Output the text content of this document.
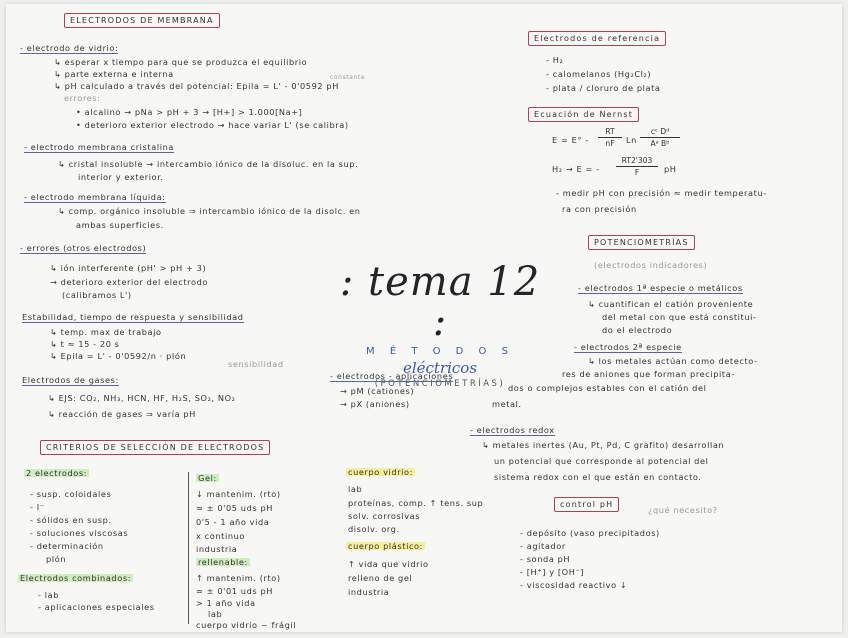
ELECTRODOS DE MEMBRANA
- electrodo de vidrio:
↳ esperar x tiempo para que se produzca el equilibrio
↳ parte externa e interna
↳ pH calculado a través del potencial: Epila = L' - 0'0592 pH
constante
errores:
• alcalino → pNa > pH + 3 → [H+] > 1.000[Na+]
• deterioro exterior electrodo → hace variar L' (se calibra)
- electrodo membrana cristalina
↳ cristal insoluble → intercambio iónico de la disoluc. en la sup.
interior y exterior.
- electrodo membrana líquida:
↳ comp. orgánico insoluble ⇒ intercambio iónico de la disolc. en
ambas superficies.
- errores (otros electrodos)
↳ ión interferente (pH' > pH + 3)
→ deterioro exterior del electrodo
(calibramos L')
Estabilidad, tiempo de respuesta y sensibilidad
↳ temp. max de trabajo
↳ t ≈ 15 - 20 s
↳ Epila = L' - 0'0592/n · pIón
sensibilidad
Electrodos de gases:
↳ EJS: CO₂, NH₃, HCN, HF, H₂S, SO₂, NO₂
↳ reacción de gases ⇒ varía pH
CRITERIOS DE SELECCIÓN DE ELECTRODOS
2 electrodos:
- susp. coloidales
- I⁻
- sólidos en susp.
- soluciones viscosas
- determinación
pIón
Electrodos combinados:
- lab
- aplicaciones especiales
Gel:
↓ mantenim. (rto)
≃ ± 0'05 uds pH
0'5 - 1 año vida
x continuo
industria
rellenable:
↑ mantenim. (rto)
≃ ± 0'01 uds pH
> 1 año vida
lab
cuerpo vidrio ~ frágil
: tema 12 :
M É T O D O S
eléctricos
(POTENCIOMETRÍAS)
- electrodos - aplicaciones
→ pM (cationes)
→ pX (aniones)
cuerpo vidrio:
lab
proteínas, comp. ↑ tens. sup
solv. corrosivas
disolv. org.
cuerpo plástico:
↑ vida que vidrio
relleno de gel
industria
Electrodos de referencia
- H₂
- calomelanos (Hg₂Cl₂)
- plata / cloruro de plata
Ecuación de Nernst
E = E° -
RT
nF	Ln
cᶜ Dᵈ
Aᵃ Bᵇ
H₂ → E = -
RT2'303
F	pH
- medir pH con precisión ≈ medir temperatu-
ra con precisión
POTENCIOMETRÍAS
(electrodos indicadores)
- electrodos 1ª especie o metálicos
↳ cuantifican el catión proveniente
del metal con que está constitui-
do el electrodo
- electrodos 2ª especie
↳ los metales actúan como detecto-
res de aniones que forman precipita-
dos o complejos estables con el catión del
metal.
- electrodos redox
↳ metales inertes (Au, Pt, Pd, C grafito) desarrollan
un potencial que corresponde al potencial del
sistema redox con el que están en contacto.
control pH
¿qué necesito?
- depósito (vaso precipitados)
- agitador
- sonda pH
- [H⁺] y [OH⁻]
- viscosidad reactivo ↓
